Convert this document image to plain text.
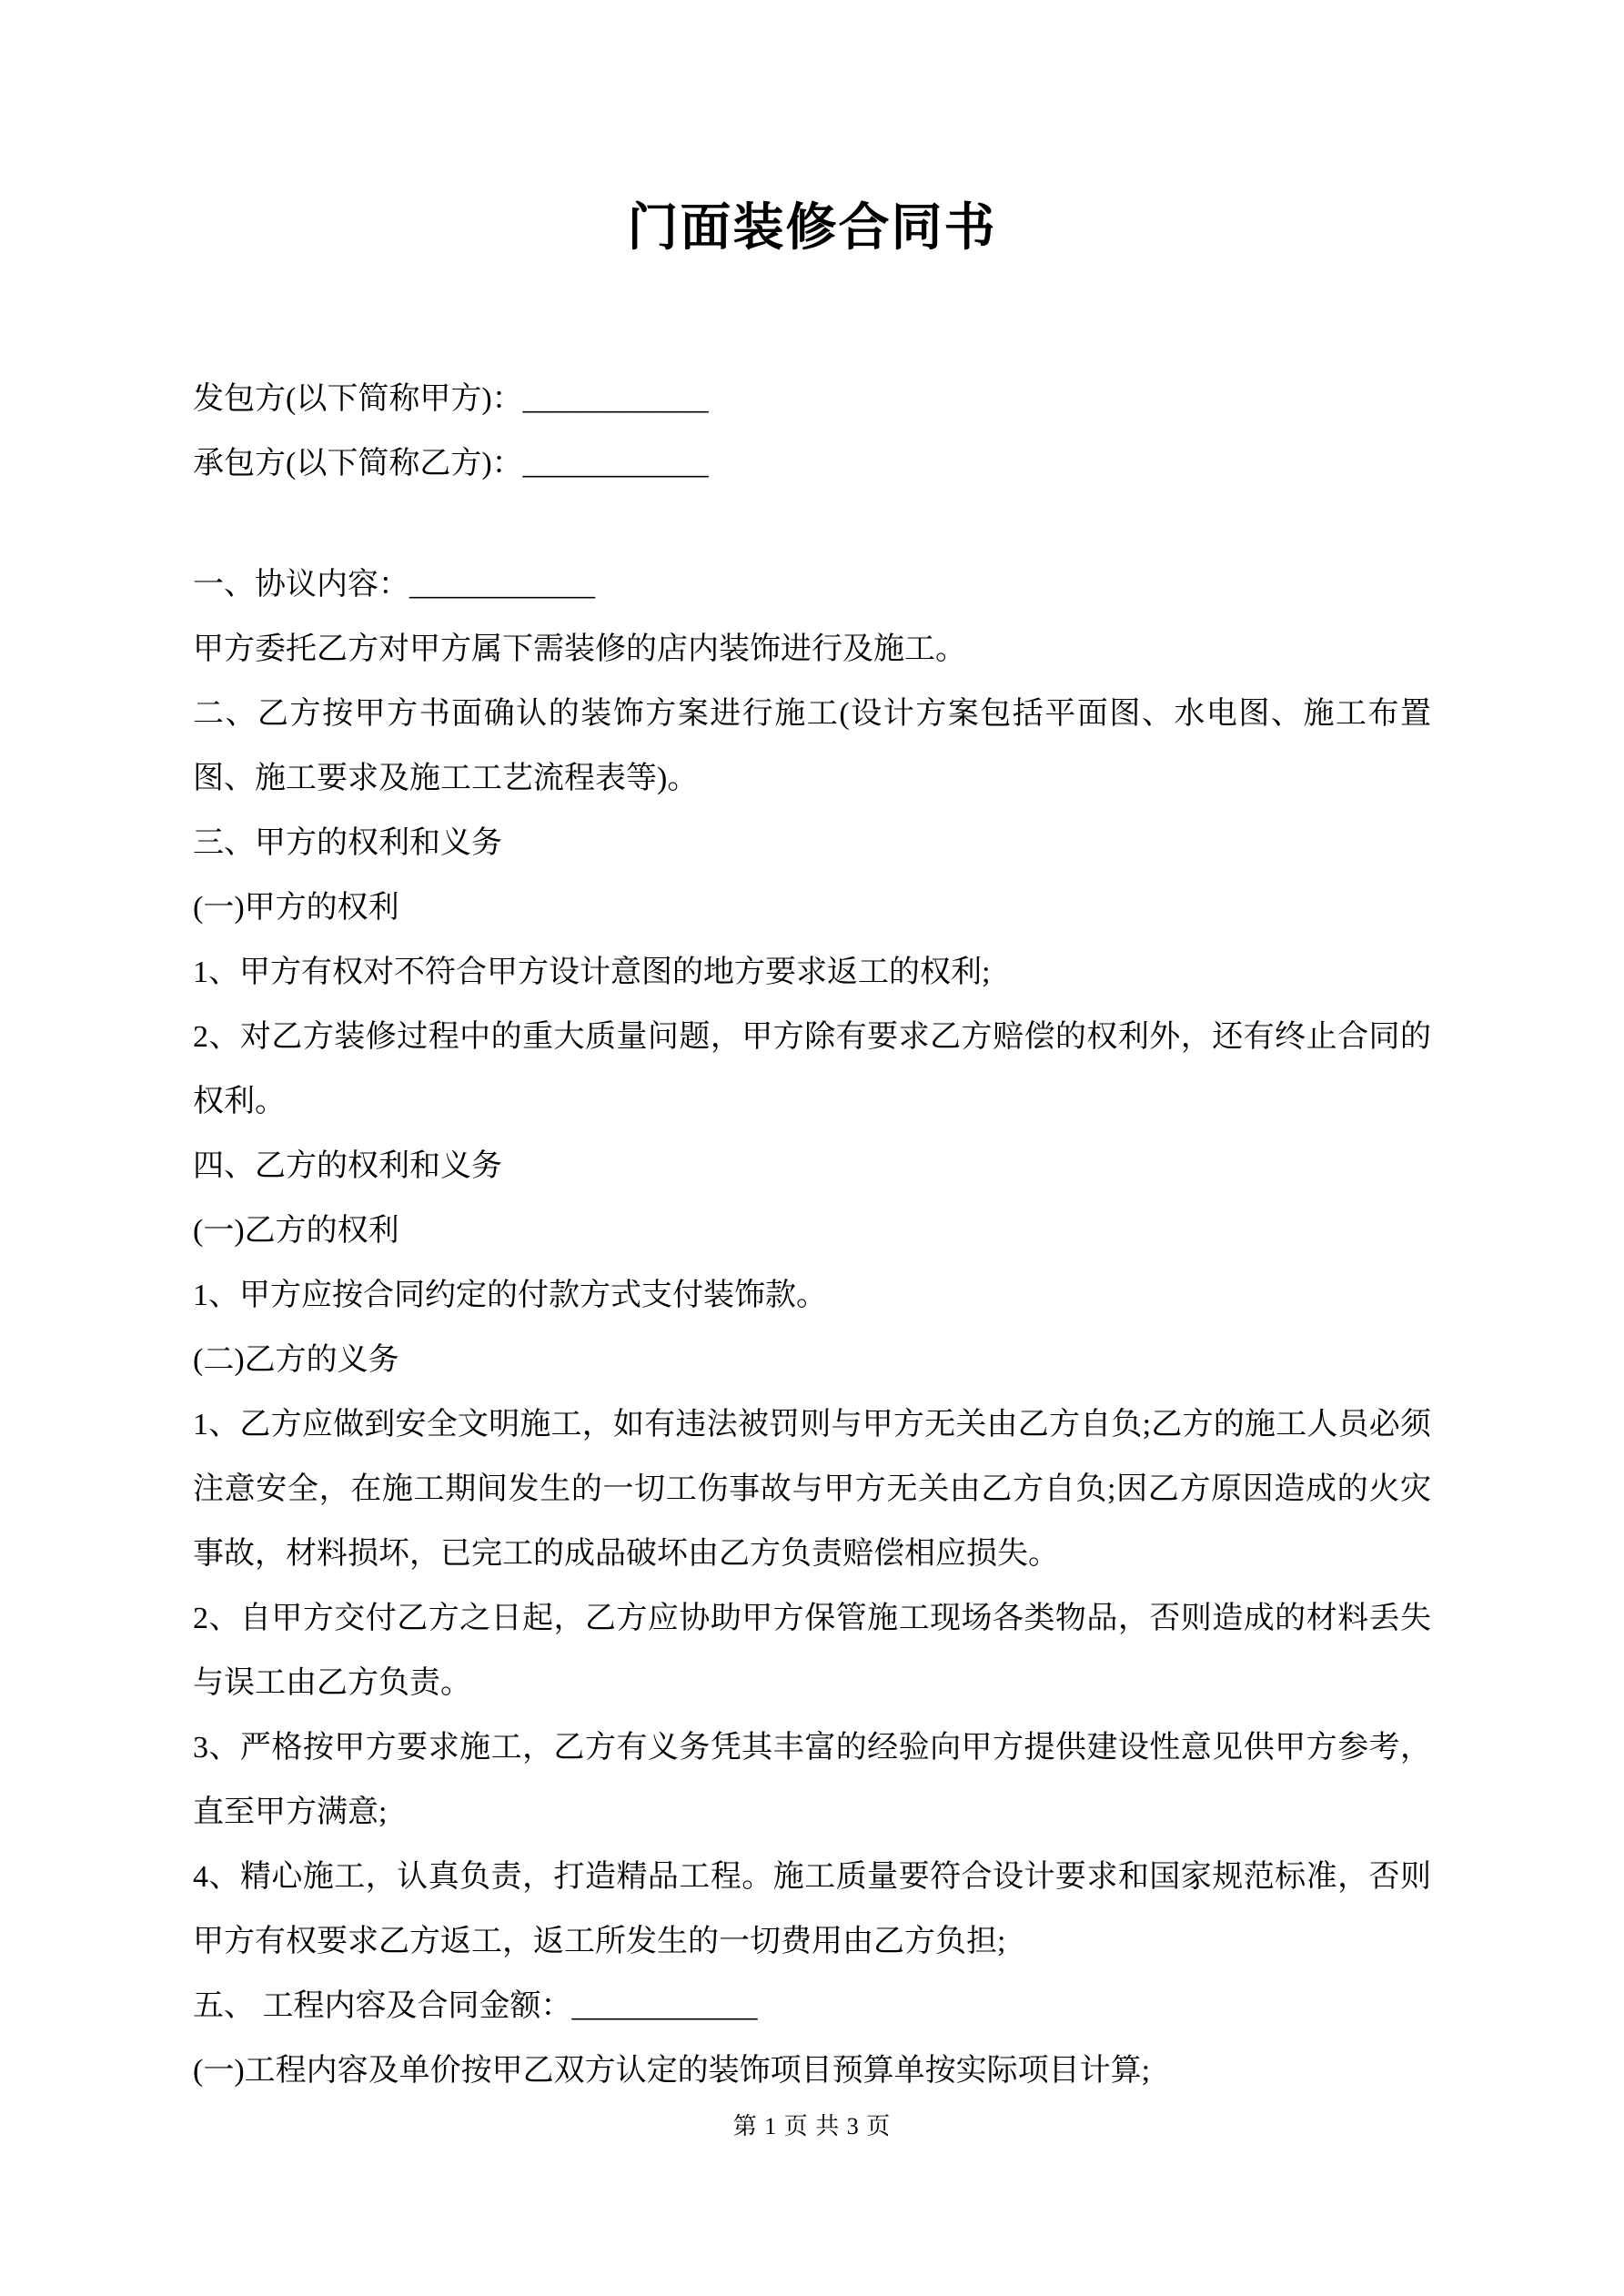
门面装修合同书

发包方(以下简称甲方)：____________

承包方(以下简称乙方)：____________

一、协议内容：____________

甲方委托乙方对甲方属下需装修的店内装饰进行及施工。

二、乙方按甲方书面确认的装饰方案进行施工(设计方案包括平面图、水电图、施工布置图、施工要求及施工工艺流程表等)。

三、甲方的权利和义务

(一)甲方的权利

1、甲方有权对不符合甲方设计意图的地方要求返工的权利;

2、对乙方装修过程中的重大质量问题，甲方除有要求乙方赔偿的权利外，还有终止合同的权利。

四、乙方的权利和义务

(一)乙方的权利

1、甲方应按合同约定的付款方式支付装饰款。

(二)乙方的义务

1、乙方应做到安全文明施工，如有违法被罚则与甲方无关由乙方自负;乙方的施工人员必须注意安全，在施工期间发生的一切工伤事故与甲方无关由乙方自负;因乙方原因造成的火灾事故，材料损坏，已完工的成品破坏由乙方负责赔偿相应损失。

2、自甲方交付乙方之日起，乙方应协助甲方保管施工现场各类物品，否则造成的材料丢失与误工由乙方负责。

3、严格按甲方要求施工，乙方有义务凭其丰富的经验向甲方提供建设性意见供甲方参考，直至甲方满意;

4、精心施工，认真负责，打造精品工程。施工质量要符合设计要求和国家规范标准，否则甲方有权要求乙方返工，返工所发生的一切费用由乙方负担;

五、 工程内容及合同金额：____________

(一)工程内容及单价按甲乙双方认定的装饰项目预算单按实际项目计算;

第 1 页 共 3 页
